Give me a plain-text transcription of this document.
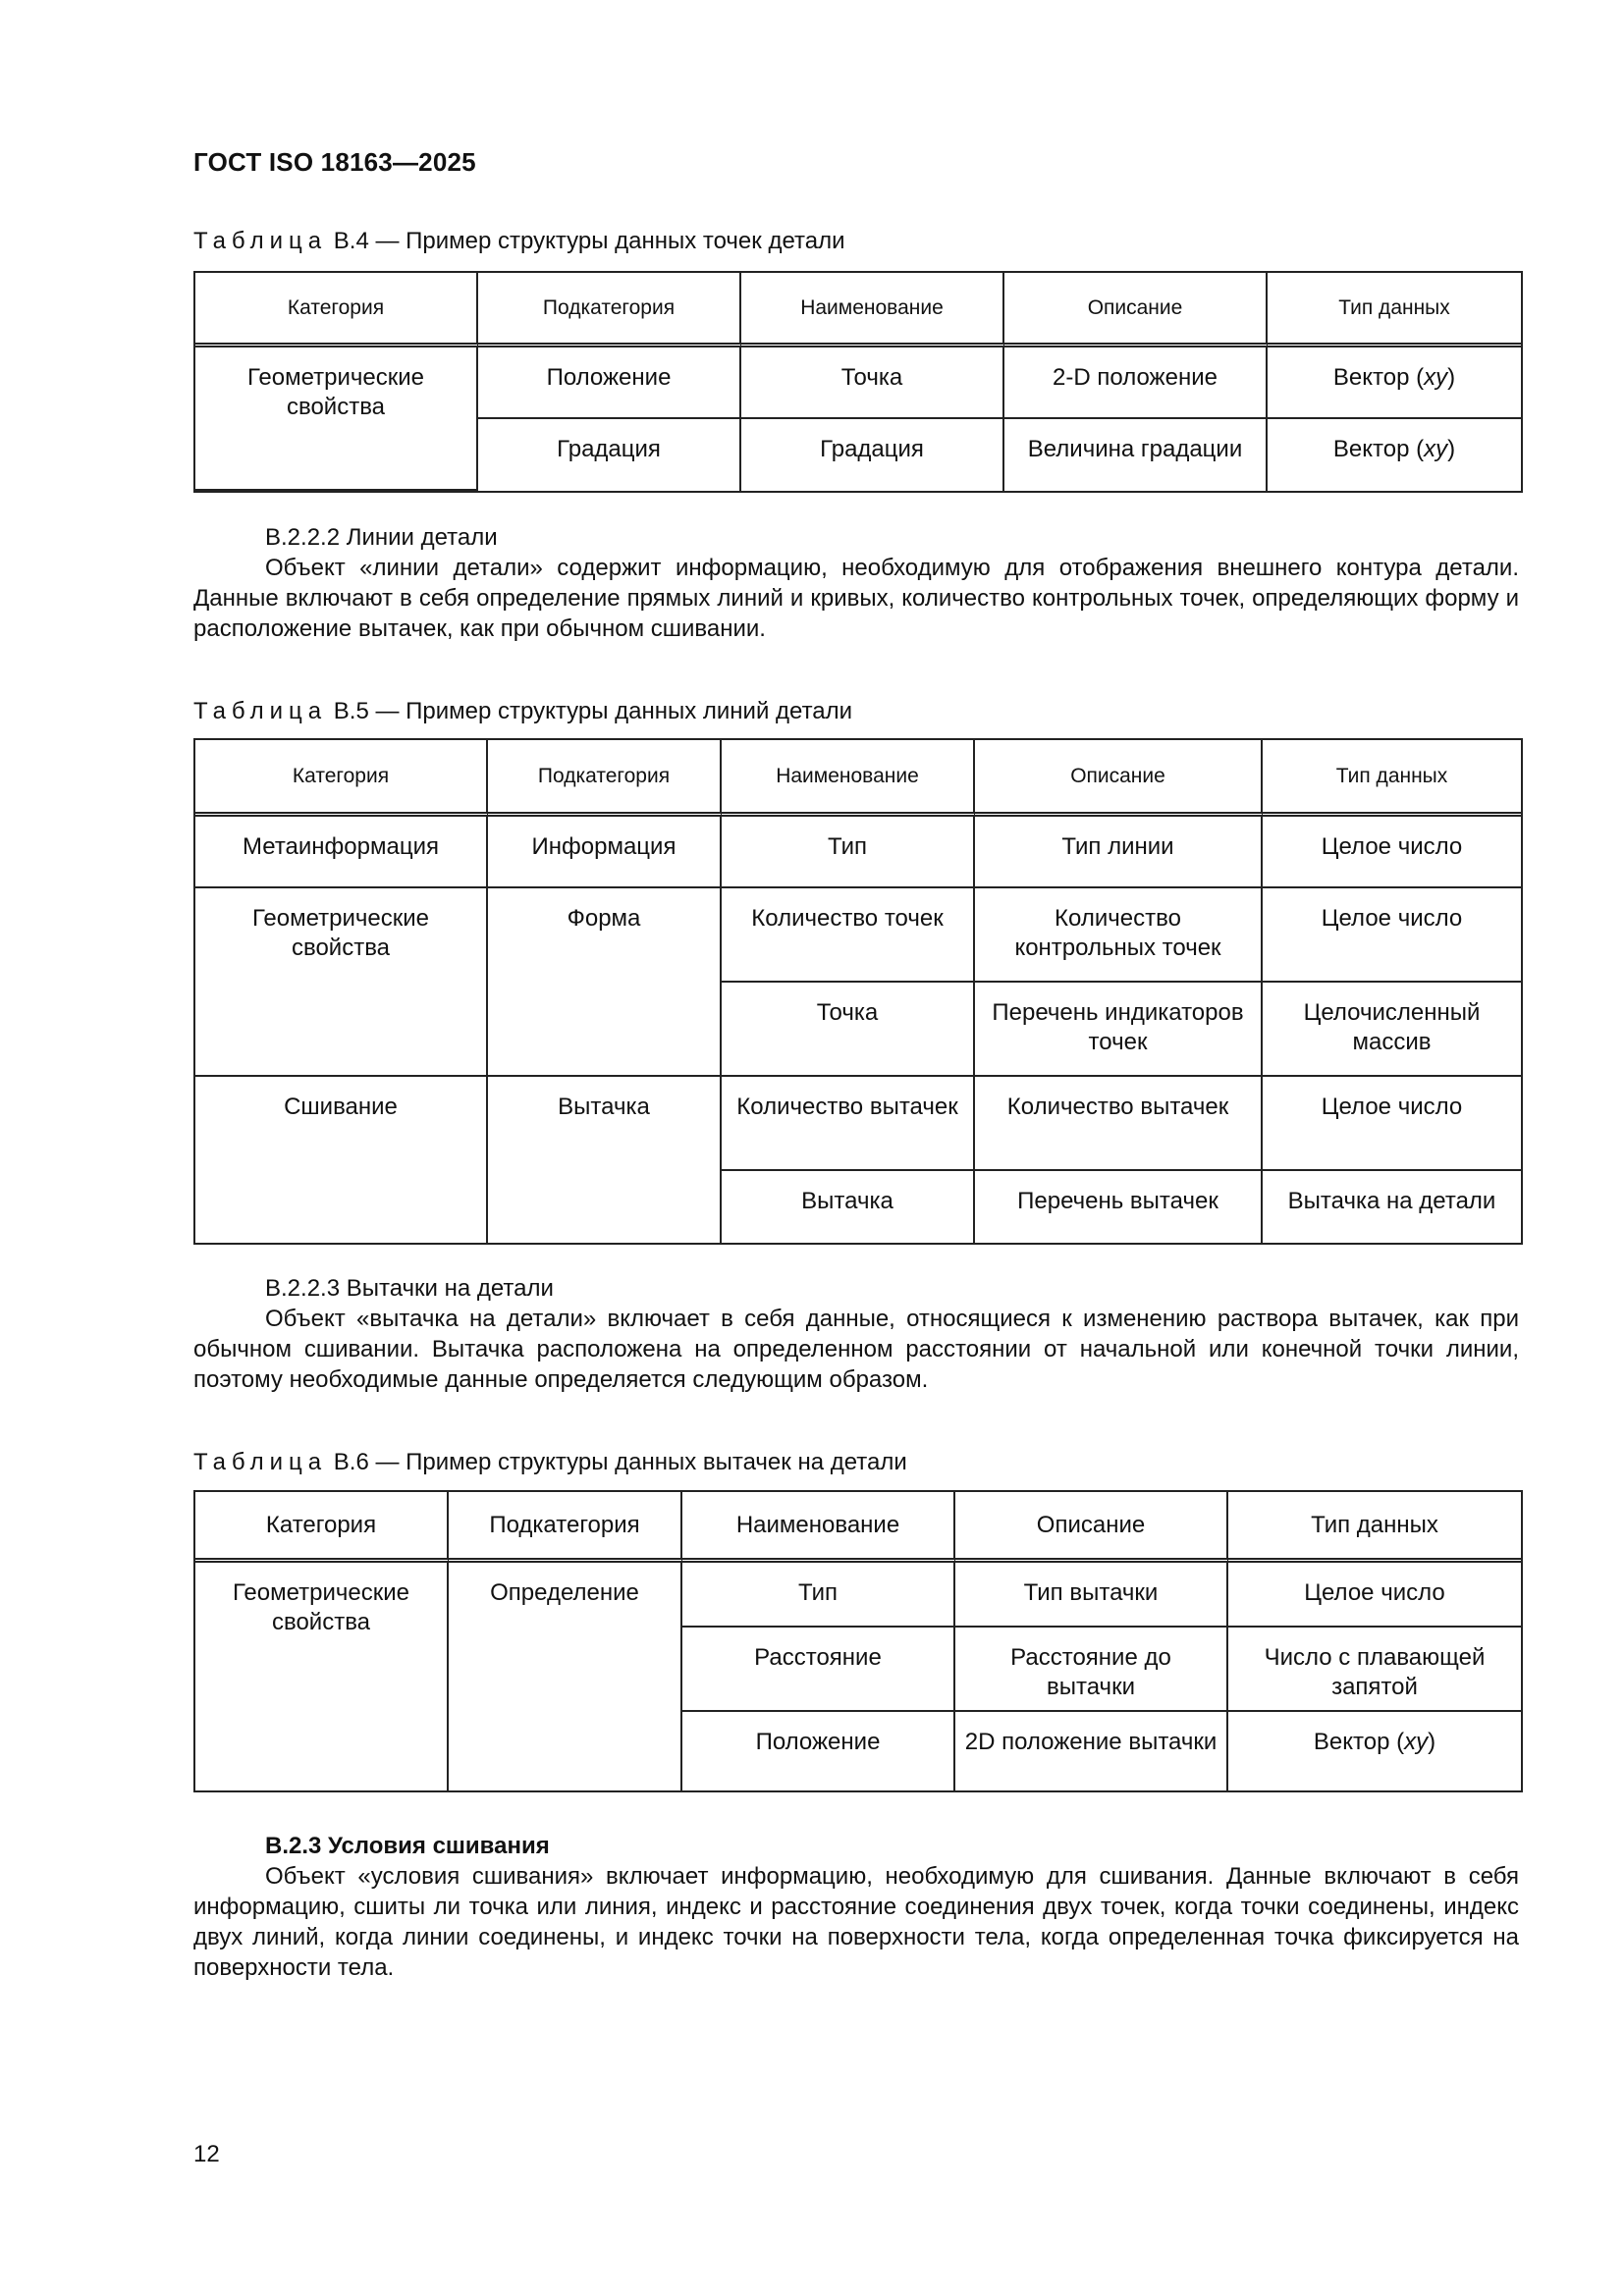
ГОСТ ISO 18163—2025
Таблица В.4 — Пример структуры данных точек детали
Категория	Подкатегория	Наименование	Описание	Тип данных
Геометрические свойства	Положение	Точка	2-D положение	Вектор (xy)
	Градация	Градация	Величина градации	Вектор (xy)
В.2.2.2 Линии детали
Объект «линии детали» содержит информацию, необходимую для отображения внешнего контура детали. Данные включают в себя определение прямых линий и кривых, количество контрольных точек, определяющих форму и расположение вытачек, как при обычном сшивании.
Таблица В.5 — Пример структуры данных линий детали
Категория	Подкатегория	Наименование	Описание	Тип данных
Метаинформация	Информация	Тип	Тип линии	Целое число
Геометрические свойства	Форма	Количество точек	Количество контрольных точек	Целое число
		Точка	Перечень индикаторов точек	Целочисленный массив
Сшивание	Вытачка	Количество вытачек	Количество вытачек	Целое число
		Вытачка	Перечень вытачек	Вытачка на детали
В.2.2.3 Вытачки на детали
Объект «вытачка на детали» включает в себя данные, относящиеся к изменению раствора вытачек, как при обычном сшивании. Вытачка расположена на определенном расстоянии от начальной или конечной точки линии, поэтому необходимые данные определяется следующим образом.
Таблица В.6 — Пример структуры данных вытачек на детали
Категория	Подкатегория	Наименование	Описание	Тип данных
Геометрические свойства	Определение	Тип	Тип вытачки	Целое число
		Расстояние	Расстояние до вытачки	Число с плавающей запятой
		Положение	2D положение вытачки	Вектор (xy)
В.2.3 Условия сшивания
Объект «условия сшивания» включает информацию, необходимую для сшивания. Данные включают в себя информацию, сшиты ли точка или линия, индекс и расстояние соединения двух точек, когда точки соединены, индекс двух линий, когда линии соединены, и индекс точки на поверхности тела, когда определенная точка фиксируется на поверхности тела.
12
